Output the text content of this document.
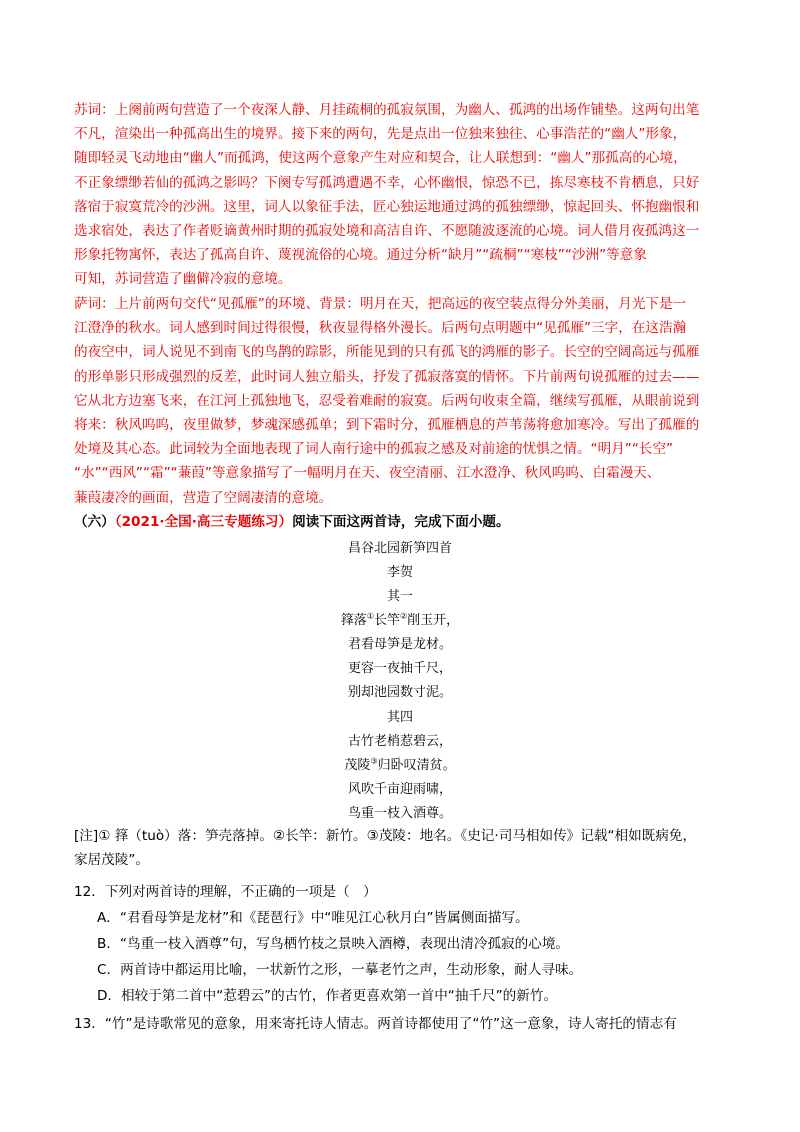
苏词：上阕前两句营造了一个夜深人静、月挂疏桐的孤寂氛围，为幽人、孤鸿的出场作铺垫。这两句出笔
不凡，渲染出一种孤高出生的境界。接下来的两句，先是点出一位独来独往、心事浩茫的“幽人”形象，
随即轻灵飞动地由“幽人”而孤鸿，使这两个意象产生对应和契合，让人联想到：“幽人”那孤高的心境，
不正象缥缈若仙的孤鸿之影吗？下阕专写孤鸿遭遇不幸，心怀幽恨，惊恐不已，拣尽寒枝不肯栖息，只好
落宿于寂寞荒冷的沙洲。这里，词人以象征手法，匠心独运地通过鸿的孤独缥缈，惊起回头、怀抱幽恨和
选求宿处，表达了作者贬谪黄州时期的孤寂处境和高洁自许、不愿随波逐流的心境。词人借月夜孤鸿这一
形象托物寓怀，表达了孤高自许、蔑视流俗的心境。通过分析“缺月”“疏桐”“寒枝”“沙洲”等意象
可知，苏词营造了幽僻冷寂的意境。
萨词：上片前两句交代“见孤雁”的环境、背景：明月在天，把高远的夜空装点得分外美丽，月光下是一
江澄净的秋水。词人感到时间过得很慢，秋夜显得格外漫长。后两句点明题中“见孤雁”三字，在这浩瀚
的夜空中，词人说见不到南飞的鸟鹊的踪影，所能见到的只有孤飞的鸿雁的影子。长空的空阔高远与孤雁
的形单影只形成强烈的反差，此时词人独立船头，抒发了孤寂落寞的情怀。下片前两句说孤雁的过去——
它从北方边塞飞来，在江河上孤独地飞，忍受着难耐的寂寞。后两句收束全篇，继续写孤雁，从眼前说到
将来：秋风呜呜，夜里做梦，梦魂深感孤单；到下霜时分，孤雁栖息的芦苇荡将愈加寒冷。写出了孤雁的
处境及其心态。此词较为全面地表现了词人南行途中的孤寂之感及对前途的忧惧之情。“明月”“长空”
“水”“西风”“霜”“蒹葭”等意象描写了一幅明月在天、夜空清丽、江水澄净、秋风呜呜、白霜漫天、
蒹葭凄冷的画面，营造了空阔凄清的意境。
（六）（2021·全国·高三专题练习）阅读下面这两首诗，完成下面小题。
昌谷北园新笋四首
李贺
其一
箨落①长竿②削玉开，
君看母笋是龙材。
更容一夜抽千尺，
别却池园数寸泥。
其四
古竹老梢惹碧云，
茂陵③归卧叹清贫。
风吹千亩迎雨啸，
鸟重一枝入酒尊。
[注]① 箨（tuò）落：笋壳落掉。②长竿：新竹。③茂陵：地名。《史记·司马相如传》记载“相如既病免，
家居茂陵”。
12．下列对两首诗的理解，不正确的一项是（　）
A．“君看母笋是龙材”和《琵琶行》中“唯见江心秋月白”皆属侧面描写。
B．“鸟重一枝入酒尊”句，写鸟栖竹枝之景映入酒樽，表现出清冷孤寂的心境。
C．两首诗中都运用比喻，一状新竹之形，一摹老竹之声，生动形象，耐人寻味。
D．相较于第二首中“惹碧云”的古竹，作者更喜欢第一首中“抽千尺”的新竹。
13．“竹”是诗歌常见的意象，用来寄托诗人情志。两首诗都使用了“竹”这一意象，诗人寄托的情志有
